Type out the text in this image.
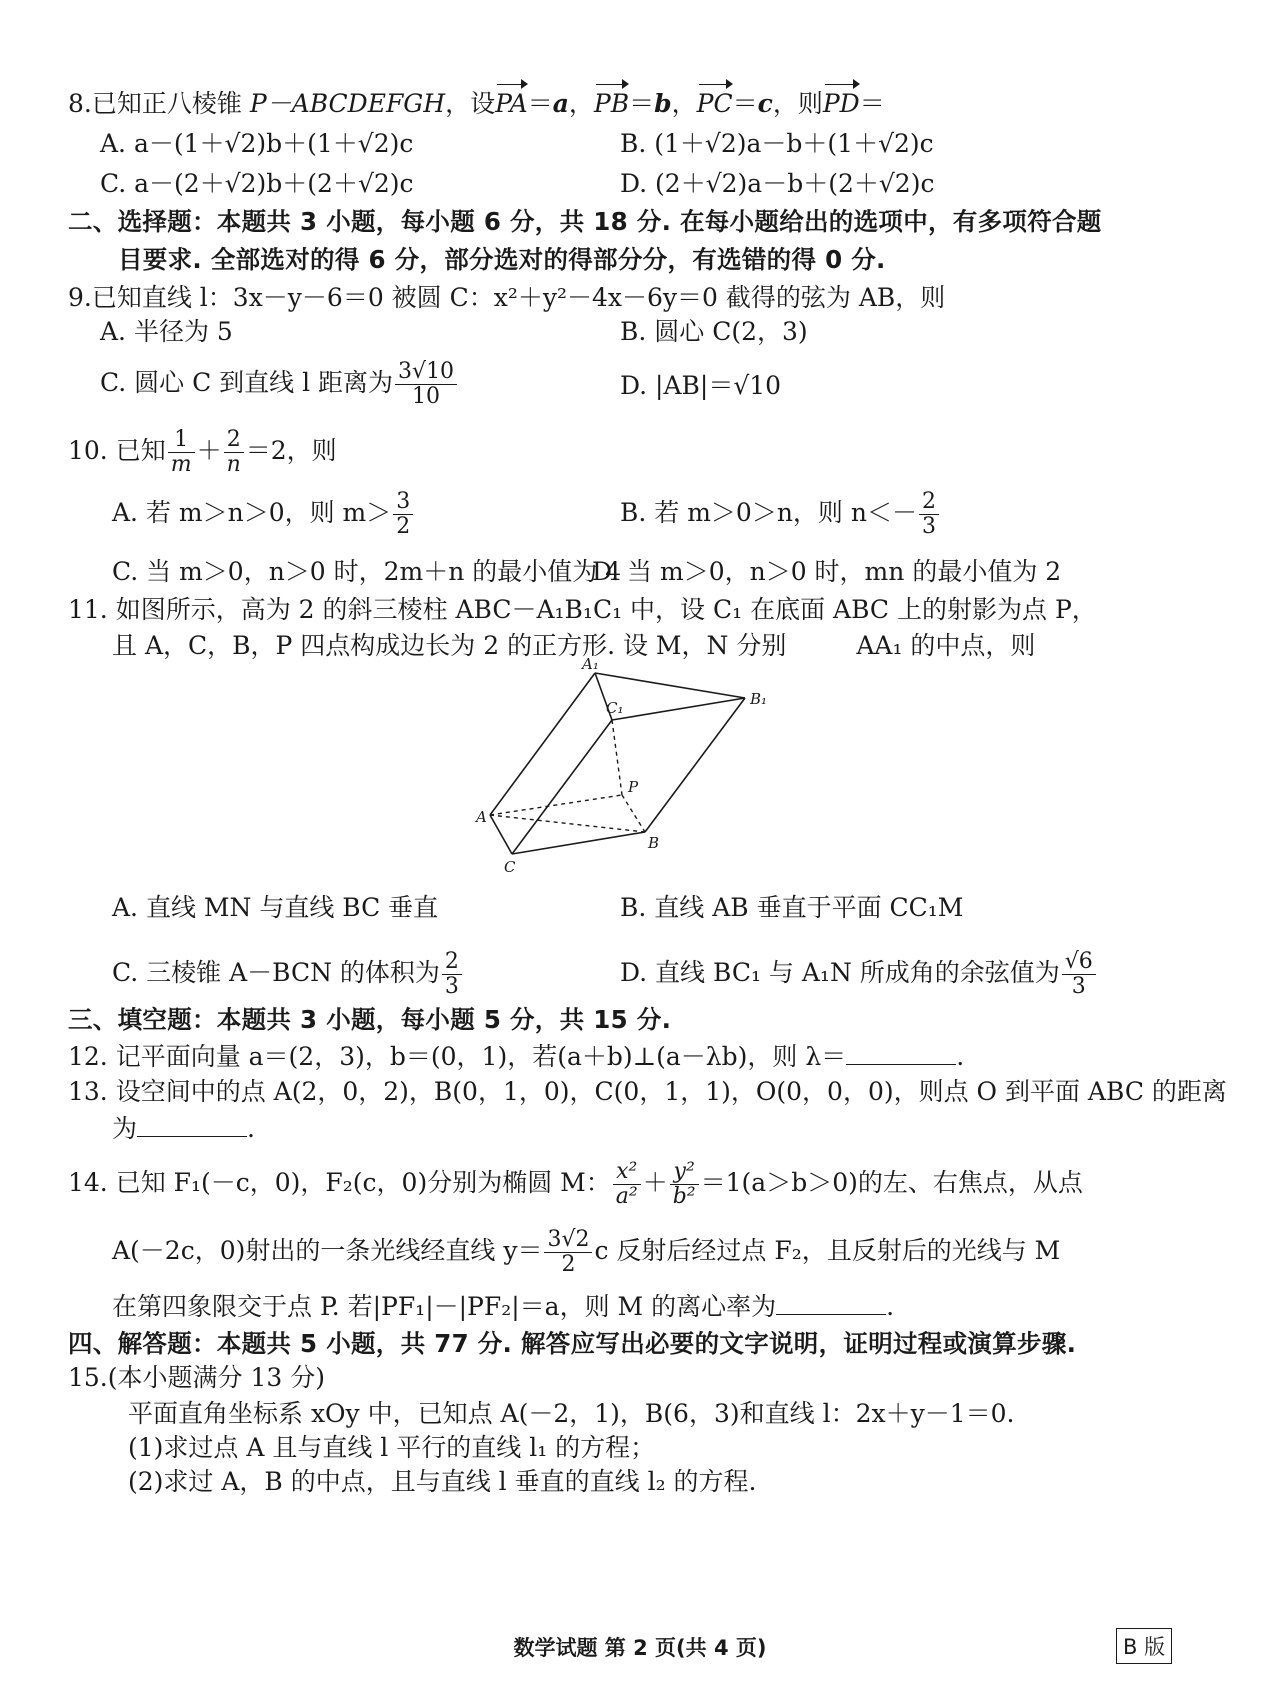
8.已知正八棱锥 P－ABCDEFGH，设PA＝a，PB＝b，PC＝c，则PD＝
A. a－(1＋√2)b＋(1＋√2)c	B. (1＋√2)a－b＋(1＋√2)c
C. a－(2＋√2)b＋(2＋√2)c	D. (2＋√2)a－b＋(2＋√2)c
二、选择题：本题共 3 小题，每小题 6 分，共 18 分. 在每小题给出的选项中，有多项符合题
目要求. 全部选对的得 6 分，部分选对的得部分分，有选错的得 0 分.
9.已知直线 l：3x－y－6＝0 被圆 C：x²＋y²－4x－6y＝0 截得的弦为 AB，则
A. 半径为 5	B. 圆心 C(2，3)
C. 圆心 C 到直线 l 距离为 $\frac{3√10}{10}$	D. |AB|＝√10
10. 已知 $\frac{1}{m} + \frac{2}{n} =2$，则
A. 若 m＞n＞0，则 $m> \frac{3}{2}$	B. 若 m＞0＞n，则 $n<- \frac{2}{3}$
C. 当 m＞0，n＞0 时，2m＋n 的最小值为 4
D. 当 m＞0，n＞0 时，mn 的最小值为 2
11. 如图所示，高为 2 的斜三棱柱 ABC－A₁B₁C₁ 中，设 C₁ 在底面 ABC 上的射影为点 P，
且 A，C，B，P 四点构成边长为 2 的正方形. 设 M，N 分别	AA₁ 的中点，则
A₁
B₁
C₁
P
A
B
C
A. 直线 MN 与直线 BC 垂直	B. 直线 AB 垂直于平面 CC₁M
C. 三棱锥 A－BCN 的体积为 $\frac{2}{3}$	D. 直线 BC₁ 与 A₁N 所成角的余弦值为 $\frac{√6}{3}$
三、填空题：本题共 3 小题，每小题 5 分，共 15 分.
12. 记平面向量 a＝(2，3)，b＝(0，1)，若(a＋b)⊥(a－λb)，则 λ＝	.
13. 设空间中的点 A(2，0，2)，B(0，1，0)，C(0，1，1)，O(0，0，0)，则点 O 到平面 ABC 的距离
为	.
14. 已知 F₁(－c，0)，F₂(c，0)分别为椭圆 M： $\frac{\text{x²}}{\text{a²}} + \frac{\text{y²}}{\text{b²}} =1(a>b>0)$的左、右焦点，从点
A(－2c，0)射出的一条光线经直线 $y= \frac{3√2}{2}$ c 反射后经过点 F₂，且反射后的光线与 M
在第四象限交于点 P. 若|PF₁|－|PF₂|＝a，则 M 的离心率为	.
四、解答题：本题共 5 小题，共 77 分. 解答应写出必要的文字说明，证明过程或演算步骤.
15.(本小题满分 13 分)
平面直角坐标系 xOy 中，已知点 A(－2，1)，B(6，3)和直线 l：2x＋y－1＝0.
(1)求过点 A 且与直线 l 平行的直线 l₁ 的方程；
(2)求过 A，B 的中点，且与直线 l 垂直的直线 l₂ 的方程.
数学试题 第 2 页(共 4 页)	B 版
